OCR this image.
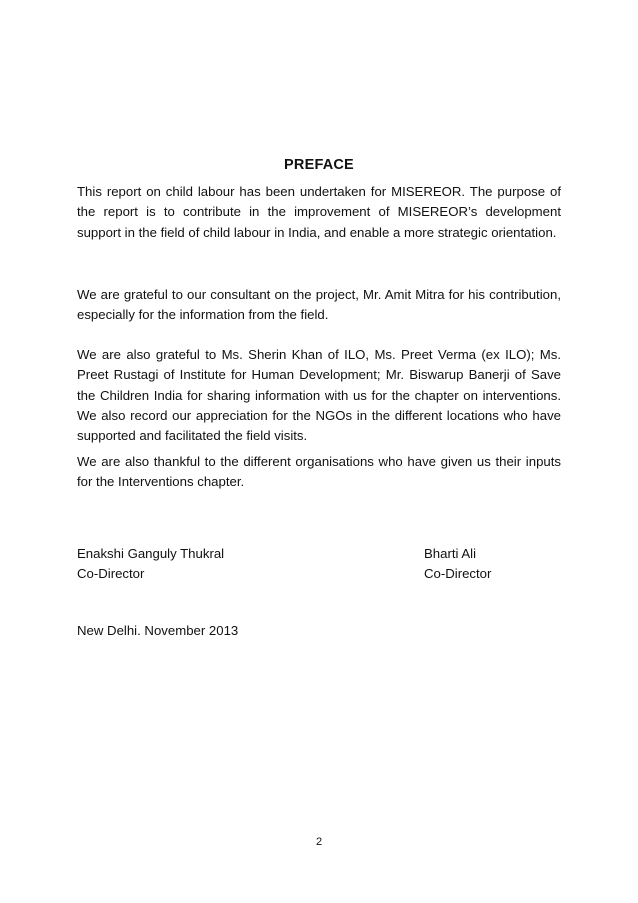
PREFACE
This report on child labour has been undertaken for MISEREOR. The purpose of the report is to contribute in the improvement of MISEREOR’s development support in the field of child labour in India, and enable a more strategic orientation.
We are grateful to our consultant on the project, Mr. Amit Mitra for his contribution, especially for the information from the field.
We are also grateful to Ms. Sherin Khan of ILO, Ms. Preet Verma (ex ILO); Ms. Preet Rustagi of Institute for Human Development; Mr. Biswarup Banerji of Save the Children India for sharing information with us for the chapter on interventions. We also record our appreciation for the NGOs in the different locations who have supported and facilitated the field visits.
We are also thankful to the different organisations who have given us their inputs for the Interventions chapter.
Enakshi Ganguly Thukral
Co-Director
Bharti Ali
Co-Director
New Delhi. November 2013
2
